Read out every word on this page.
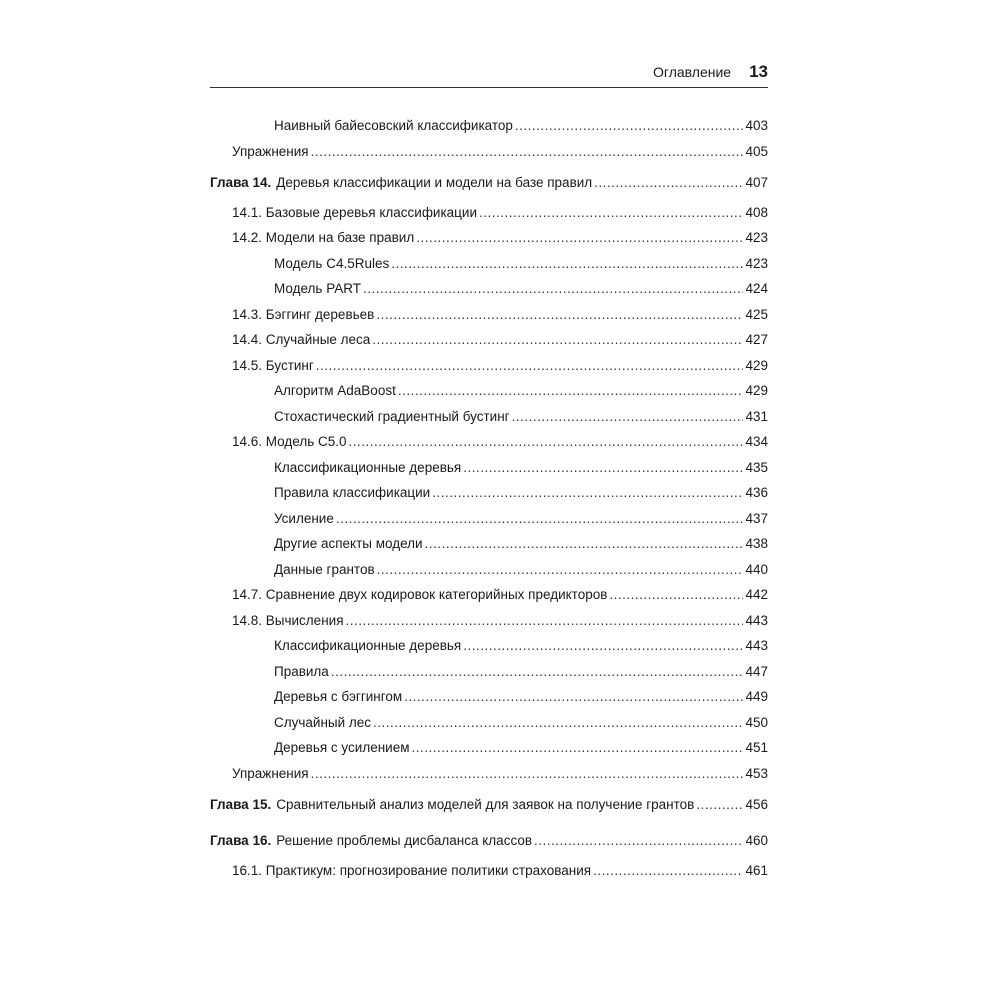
Оглавление 13
Наивный байесовский классификатор .....	403
Упражнения .....	405
Глава 14. Деревья классификации и модели на базе правил .....	407
14.1. Базовые деревья классификации .....	408
14.2. Модели на базе правил .....	423
Модель C4.5Rules .....	423
Модель PART .....	424
14.3. Бэггинг деревьев .....	425
14.4. Случайные леса .....	427
14.5. Бустинг .....	429
Алгоритм AdaBoost .....	429
Стохастический градиентный бустинг .....	431
14.6. Модель C5.0 .....	434
Классификационные деревья .....	435
Правила классификации .....	436
Усиление .....	437
Другие аспекты модели .....	438
Данные грантов .....	440
14.7. Сравнение двух кодировок категорийных предикторов .....	442
14.8. Вычисления .....	443
Классификационные деревья .....	443
Правила .....	447
Деревья с бэггингом .....	449
Случайный лес .....	450
Деревья с усилением .....	451
Упражнения .....	453
Глава 15. Сравнительный анализ моделей для заявок на получение грантов .....	456
Глава 16. Решение проблемы дисбаланса классов .....	460
16.1. Практикум: прогнозирование политики страхования .....	461
